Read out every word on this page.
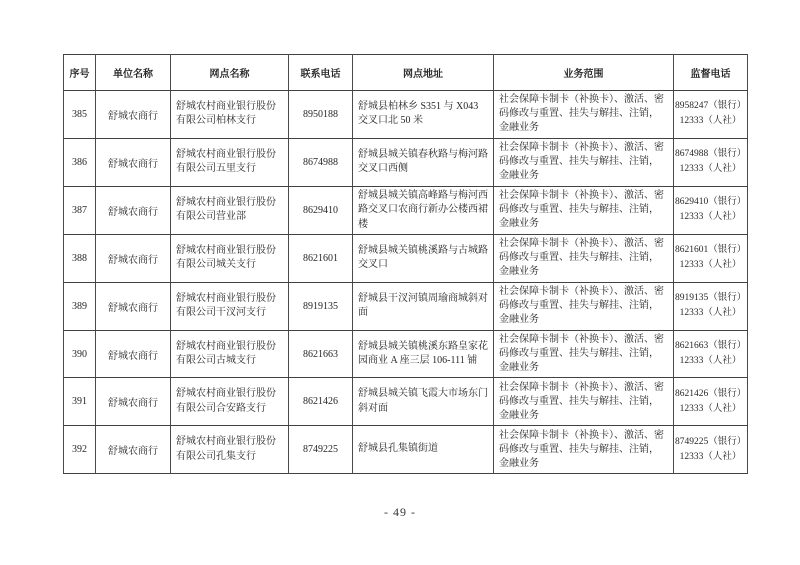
序号	单位名称	网点名称	联系电话	网点地址	业务范围	监督电话
385	舒城农商行	舒城农村商业银行股份有限公司柏林支行	8950188	舒城县柏林乡 S351 与 X043 交叉口北 50 米	社会保障卡制卡（补换卡）、激活、密码修改与重置、挂失与解挂、注销，金融业务	8958247（银行）
12333（人社）

386	舒城农商行	舒城农村商业银行股份有限公司五里支行	8674988	舒城县城关镇春秋路与梅河路交叉口西侧	社会保障卡制卡（补换卡）、激活、密码修改与重置、挂失与解挂、注销，金融业务	8674988（银行）
12333（人社）

387	舒城农商行	舒城农村商业银行股份有限公司营业部	8629410	舒城县城关镇高峰路与梅河西路交叉口农商行新办公楼西裙楼	社会保障卡制卡（补换卡）、激活、密码修改与重置、挂失与解挂、注销，金融业务	8629410（银行）
12333（人社）

388	舒城农商行	舒城农村商业银行股份有限公司城关支行	8621601	舒城县城关镇桃溪路与古城路交叉口	社会保障卡制卡（补换卡）、激活、密码修改与重置、挂失与解挂、注销，金融业务	8621601（银行）
12333（人社）

389	舒城农商行	舒城农村商业银行股份有限公司干汊河支行	8919135	舒城县干汊河镇周瑜商城斜对面	社会保障卡制卡（补换卡）、激活、密码修改与重置、挂失与解挂、注销，金融业务	8919135（银行）
12333（人社）

390	舒城农商行	舒城农村商业银行股份有限公司古城支行	8621663	舒城县城关镇桃溪东路皇家花园商业 A 座三层 106-111 铺	社会保障卡制卡（补换卡）、激活、密码修改与重置、挂失与解挂、注销，金融业务	8621663（银行）
12333（人社）

391	舒城农商行	舒城农村商业银行股份有限公司合安路支行	8621426	舒城县城关镇飞霞大市场东门斜对面	社会保障卡制卡（补换卡）、激活、密码修改与重置、挂失与解挂、注销，金融业务	8621426（银行）
12333（人社）

392	舒城农商行	舒城农村商业银行股份有限公司孔集支行	8749225	舒城县孔集镇街道	社会保障卡制卡（补换卡）、激活、密码修改与重置、挂失与解挂、注销，金融业务	8749225（银行）
12333（人社）
- 49 -
